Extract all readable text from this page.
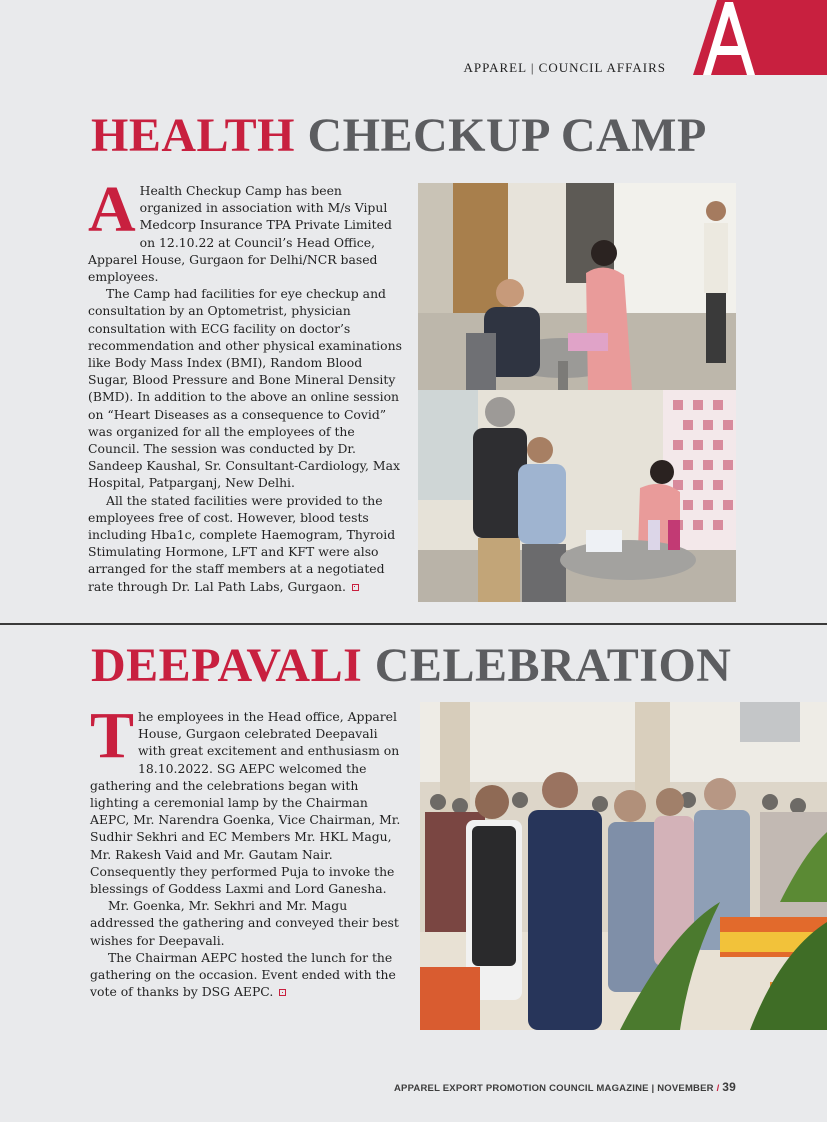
APPAREL | COUNCIL AFFAIRS
HEALTH CHECKUP CAMP

A Health Checkup Camp has been organized in association with M/s Vipul Medcorp Insurance TPA Private Limited on 12.10.22 at Council’s Head Office, Apparel House, Gurgaon for Delhi/NCR based employees.

The Camp had facilities for eye checkup and consultation by an Optometrist, physician consultation with ECG facility on doctor’s recommendation and other physical examinations like Body Mass Index (BMI), Random Blood Sugar, Blood Pressure and Bone Mineral Density (BMD). In addition to the above an online session on “Heart Diseases as a consequence to Covid” was organized for all the employees of the Council. The session was conducted by Dr. Sandeep Kaushal, Sr. Consultant-Cardiology, Max Hospital, Patparganj, New Delhi.

All the stated facilities were provided to the employees free of cost. However, blood tests including Hba1c, complete Haemogram, Thyroid Stimulating Hormone, LFT and KFT were also arranged for the staff members at a negotiated rate through Dr. Lal Path Labs, Gurgaon.

DEEPAVALI CELEBRATION

T he employees in the Head office, Apparel House, Gurgaon celebrated Deepavali with great excitement and enthusiasm on 18.10.2022. SG AEPC welcomed the gathering and the celebrations began with lighting a ceremonial lamp by the Chairman AEPC, Mr. Narendra Goenka, Vice Chairman, Mr. Sudhir Sekhri and EC Members Mr. HKL Magu, Mr. Rakesh Vaid and Mr. Gautam Nair. Consequently they performed Puja to invoke the blessings of Goddess Laxmi and Lord Ganesha.

Mr. Goenka, Mr. Sekhri and Mr. Magu addressed the gathering and conveyed their best wishes for Deepavali.

The Chairman AEPC hosted the lunch for the gathering on the occasion. Event ended with the vote of thanks by DSG AEPC.

APPAREL EXPORT PROMOTION COUNCIL MAGAZINE | NOVEMBER / 39
